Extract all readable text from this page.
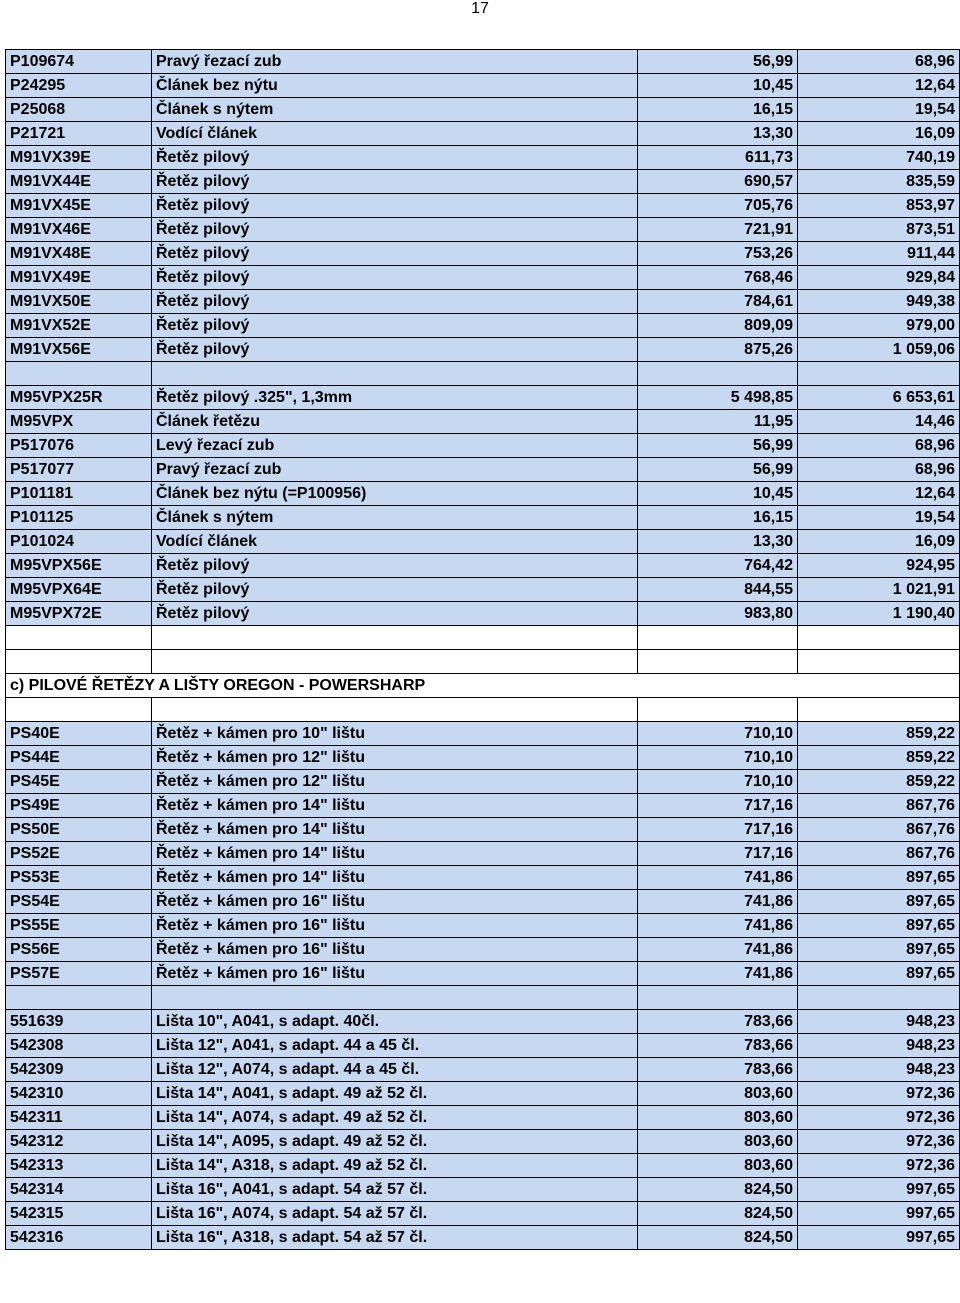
17
P109674	Pravý řezací zub	56,99	68,96
P24295	Článek bez nýtu	10,45	12,64
P25068	Článek s nýtem	16,15	19,54
P21721	Vodící článek	13,30	16,09
M91VX39E	Řetěz pilový	611,73	740,19
M91VX44E	Řetěz pilový	690,57	835,59
M91VX45E	Řetěz pilový	705,76	853,97
M91VX46E	Řetěz pilový	721,91	873,51
M91VX48E	Řetěz pilový	753,26	911,44
M91VX49E	Řetěz pilový	768,46	929,84
M91VX50E	Řetěz pilový	784,61	949,38
M91VX52E	Řetěz pilový	809,09	979,00
M91VX56E	Řetěz pilový	875,26	1 059,06

M95VPX25R	Řetěz pilový .325", 1,3mm	5 498,85	6 653,61
M95VPX	Článek řetězu	11,95	14,46
P517076	Levý řezací zub	56,99	68,96
P517077	Pravý řezací zub	56,99	68,96
P101181	Článek bez nýtu (=P100956)	10,45	12,64
P101125	Článek s nýtem	16,15	19,54
P101024	Vodící článek	13,30	16,09
M95VPX56E	Řetěz pilový	764,42	924,95
M95VPX64E	Řetěz pilový	844,55	1 021,91
M95VPX72E	Řetěz pilový	983,80	1 190,40

c) PILOVÉ ŘETĚZY A LIŠTY OREGON - POWERSHARP			

PS40E	Řetěz + kámen pro 10" lištu	710,10	859,22
PS44E	Řetěz + kámen pro 12" lištu	710,10	859,22
PS45E	Řetěz + kámen pro 12" lištu	710,10	859,22
PS49E	Řetěz + kámen pro 14" lištu	717,16	867,76
PS50E	Řetěz + kámen pro 14" lištu	717,16	867,76
PS52E	Řetěz + kámen pro 14" lištu	717,16	867,76
PS53E	Řetěz + kámen pro 14" lištu	741,86	897,65
PS54E	Řetěz + kámen pro 16" lištu	741,86	897,65
PS55E	Řetěz + kámen pro 16" lištu	741,86	897,65
PS56E	Řetěz + kámen pro 16" lištu	741,86	897,65
PS57E	Řetěz + kámen pro 16" lištu	741,86	897,65

551639	Lišta 10", A041, s adapt. 40čl.	783,66	948,23
542308	Lišta 12", A041, s adapt. 44 a 45 čl.	783,66	948,23
542309	Lišta 12", A074, s adapt. 44 a 45 čl.	783,66	948,23
542310	Lišta 14", A041, s adapt. 49 až 52 čl.	803,60	972,36
542311	Lišta 14", A074, s adapt. 49 až 52 čl.	803,60	972,36
542312	Lišta 14", A095, s adapt. 49 až 52 čl.	803,60	972,36
542313	Lišta 14", A318, s adapt. 49 až 52 čl.	803,60	972,36
542314	Lišta 16", A041, s adapt. 54 až 57 čl.	824,50	997,65
542315	Lišta 16", A074, s adapt. 54 až 57 čl.	824,50	997,65
542316	Lišta 16", A318, s adapt. 54 až 57 čl.	824,50	997,65
